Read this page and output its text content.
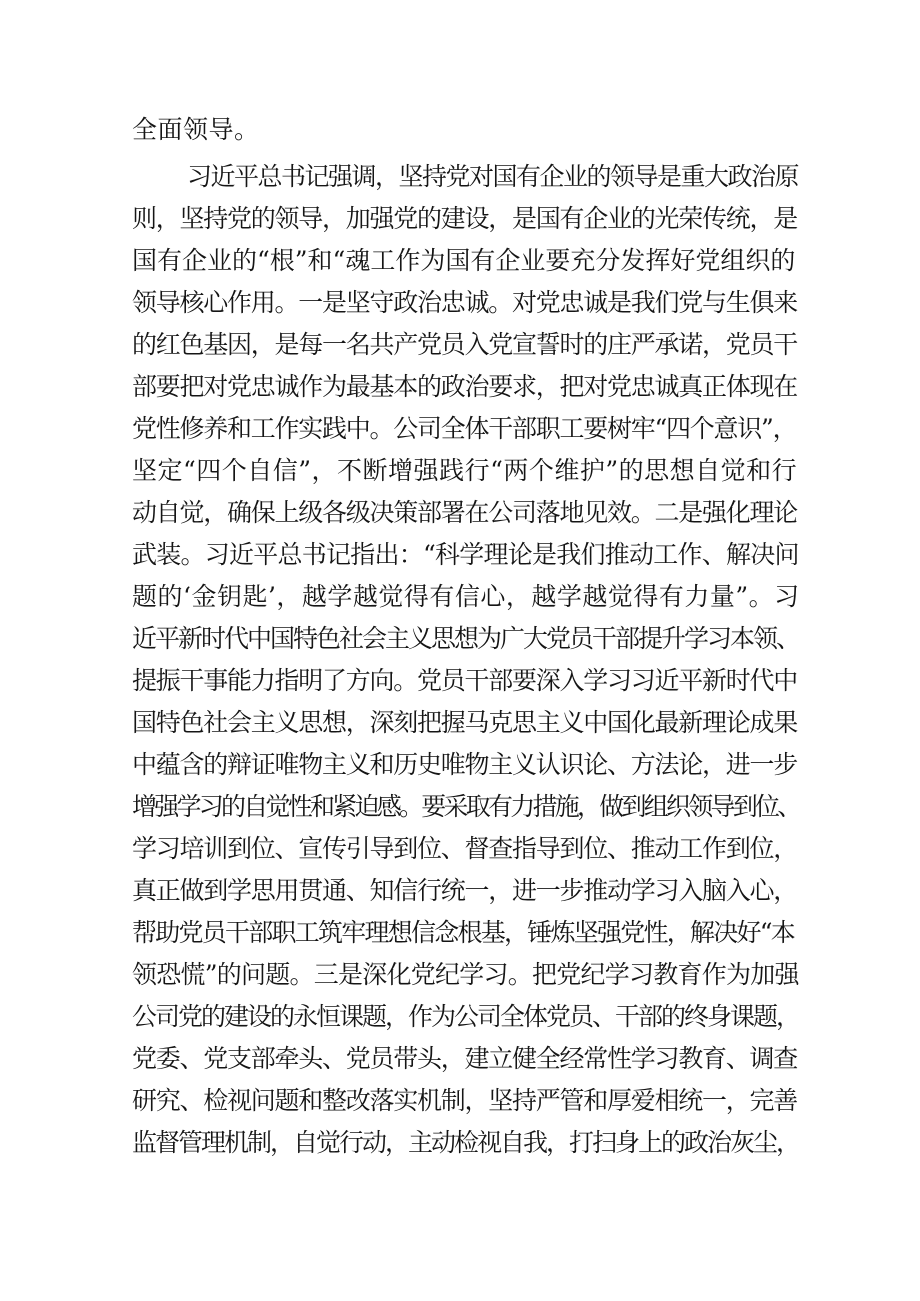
全面领导。
习近平总书记强调，坚持党对国有企业的领导是重大政治原
则，坚持党的领导，加强党的建设，是国有企业的光荣传统，是
国有企业的“根”和“魂工作为国有企业要充分发挥好党组织的
领导核心作用。一是坚守政治忠诚。对党忠诚是我们党与生俱来
的红色基因，是每一名共产党员入党宣誓时的庄严承诺，党员干
部要把对党忠诚作为最基本的政治要求，把对党忠诚真正体现在
党性修养和工作实践中。公司全体干部职工要树牢“四个意识”，
坚定“四个自信”，不断增强践行“两个维护”的思想自觉和行
动自觉，确保上级各级决策部署在公司落地见效。二是强化理论
武装。习近平总书记指出：“科学理论是我们推动工作、解决问
题的‘金钥匙’，越学越觉得有信心，越学越觉得有力量”。习
近平新时代中国特色社会主义思想为广大党员干部提升学习本领、
提振干事能力指明了方向。党员干部要深入学习习近平新时代中
国特色社会主义思想，深刻把握马克思主义中国化最新理论成果
中蕴含的辩证唯物主义和历史唯物主义认识论、方法论，进一步
增强学习的自觉性和紧迫感。要采取有力措施，做到组织领导到位、
学习培训到位、宣传引导到位、督查指导到位、推动工作到位，
真正做到学思用贯通、知信行统一，进一步推动学习入脑入心，
帮助党员干部职工筑牢理想信念根基，锤炼坚强党性，解决好“本
领恐慌”的问题。三是深化党纪学习。把党纪学习教育作为加强
公司党的建设的永恒课题，作为公司全体党员、干部的终身课题，
党委、党支部牵头、党员带头，建立健全经常性学习教育、调查
研究、检视问题和整改落实机制，坚持严管和厚爱相统一，完善
监督管理机制，自觉行动，主动检视自我，打扫身上的政治灰尘，
